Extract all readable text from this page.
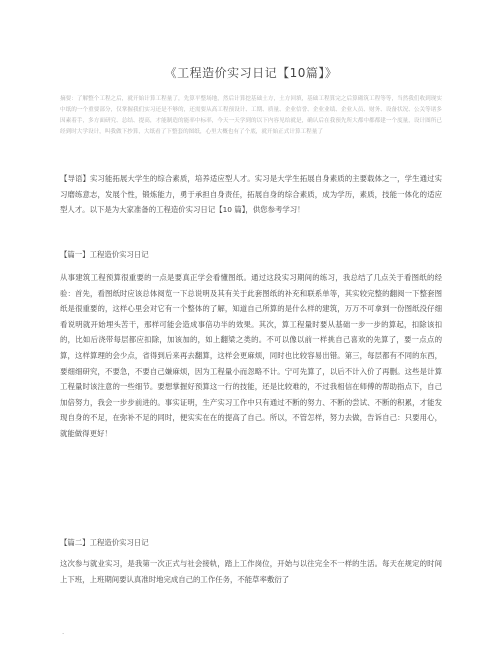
《工程造价实习日记【10篇】》
摘要：了解整个工程之后，就开始计算工程量了，先算平整场地，然后计算挖基础土方，土方回填，基础工程算完之后算砌筑工程等等，当然我们收到现实中纸的一个重要部分，仅掌握我们实习还是不够的，还需要从高工程预设计、工期、质量、企业信誉、企业业绩、企业人员、财务、设备状况、公关等诸多因素着手，多方面研究、总结、提高，才能制造的能率中标率，今天一天学到的以下内容见给就是，确认后在我预先所大都中都都建一个度量，设计图所已经到时大学设计，叫我做下抄算，大纸看了下整套的图纸，心里大概也有了个底，就开始正式计算工程量了
【导语】实习能拓展大学生的综合素质，培养适应型人才。实习是大学生拓展自身素质的主要载体之一，学生通过实习磨练意志，发展个性，锻炼能力，勇于承担自身责任，拓展自身的综合素质，成为学历，素质，技能一体化的适应型人才。以下是为大家准备的工程造价实习日记【10 篇】，供您参考学习！
【篇一】工程造价实习日记
从事建筑工程预算很重要的一点是要真正学会看懂图纸。通过这段实习期间的练习，我总结了几点关于看图纸的经验：首先，看图纸时应该总体阅览一下总说明及其有关于此套图纸的补充和联系单等，其实较完整的翻阅一下整套图纸是很重要的，这样心里会对它有一个整体的了解，知道自己所算的是什么样的建筑，万万不可拿到一份图纸没仔细看说明就开始埋头苦干，那样可能会造成事倍功半的效果。其次，算工程量时要从基础一步一步的算起，扣除该扣的，比如后浇带每层都应扣除，加该加的，如上翻梁之类的。不可以像以前一样挑自己喜欢的先算了，要一点点的算，这样算理的会少点，省得到后来再去翻算，这样会更麻烦，同时也比较容易出错。第三，每层都有不同的东西，要细细研究，不要急，不要自己嫌麻烦，因为工程量小而忽略不计。宁可先算了，以后不计入价了再删。这些是计算工程量时该注意的一些细节。要想掌握好预算这一行的技能，还是比较难的，不过我相信在师傅的帮助指点下，自己加倍努力，我会一步步前进的。事实证明，生产实习工作中只有通过不断的努力、不断的尝试、不断的积累，才能发现自身的不足，在弥补不足的同时，便实实在在的提高了自己。所以，不管怎样，努力去做，告诉自己：只要用心，就能做得更好！
【篇二】工程造价实习日记
这次参与就业实习，是我第一次正式与社会接轨，踏上工作岗位，开始与以往完全不一样的生活。每天在规定的时间上下班，上班期间要认真准时地完成自己的工作任务，不能草率敷衍了
.
